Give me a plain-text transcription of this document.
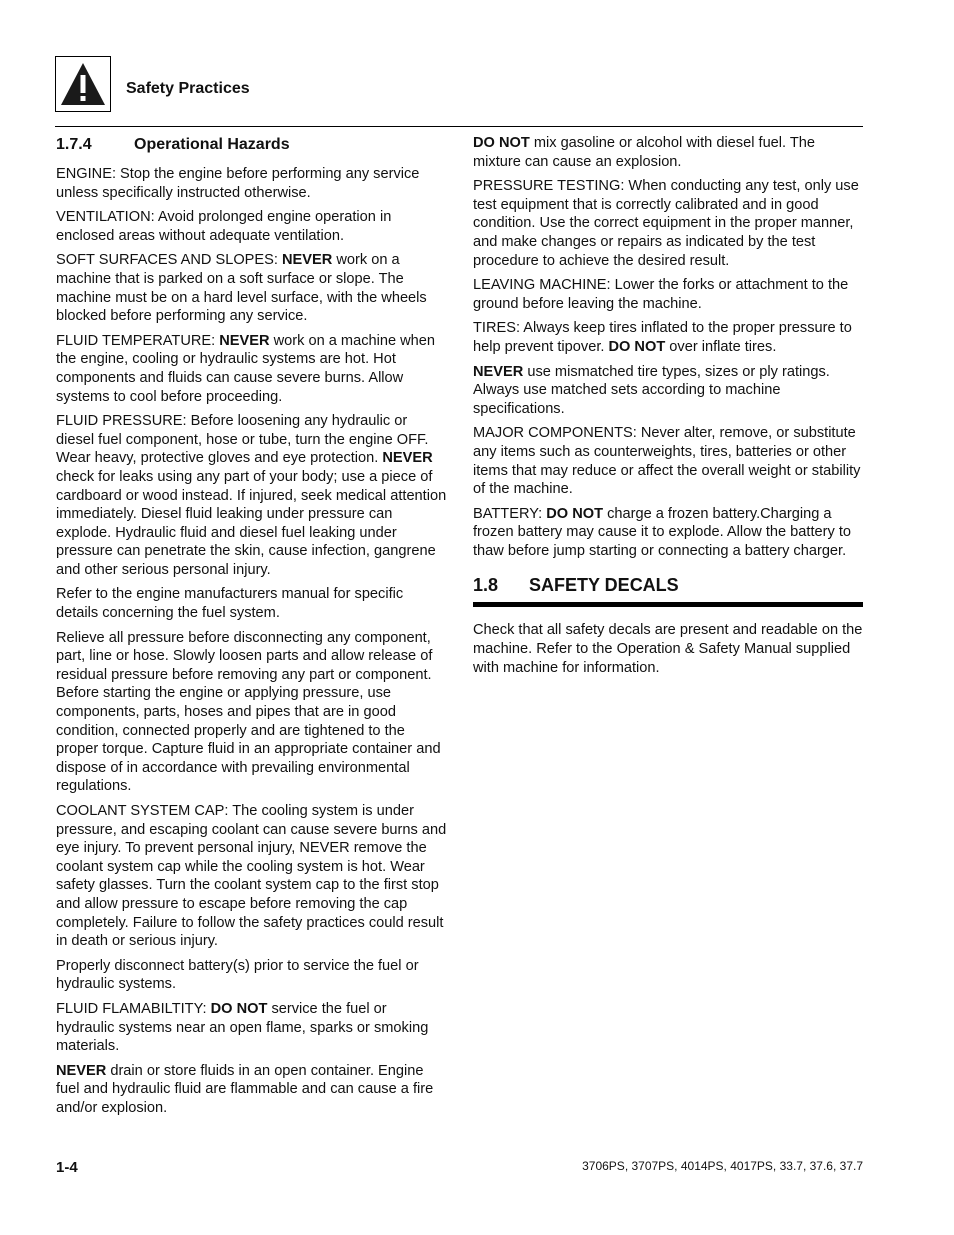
Safety Practices
1.7.4	Operational Hazards

ENGINE: Stop the engine before performing any service unless specifically instructed otherwise.

VENTILATION: Avoid prolonged engine operation in enclosed areas without adequate ventilation.

SOFT SURFACES AND SLOPES: NEVER work on a machine that is parked on a soft surface or slope. The machine must be on a hard level surface, with the wheels blocked before performing any service.

FLUID TEMPERATURE: NEVER work on a machine when the engine, cooling or hydraulic systems are hot. Hot components and fluids can cause severe burns. Allow systems to cool before proceeding.

FLUID PRESSURE: Before loosening any hydraulic or diesel fuel component, hose or tube, turn the engine OFF. Wear heavy, protective gloves and eye protection. NEVER check for leaks using any part of your body; use a piece of cardboard or wood instead. If injured, seek medical attention immediately. Diesel fluid leaking under pressure can explode. Hydraulic fluid and diesel fuel leaking under pressure can penetrate the skin, cause infection, gangrene and other serious personal injury.

Refer to the engine manufacturers manual for specific details concerning the fuel system.

Relieve all pressure before disconnecting any component, part, line or hose. Slowly loosen parts and allow release of residual pressure before removing any part or component. Before starting the engine or applying pressure, use components, parts, hoses and pipes that are in good condition, connected properly and are tightened to the proper torque. Capture fluid in an appropriate container and dispose of in accordance with prevailing environmental regulations.

COOLANT SYSTEM CAP: The cooling system is under pressure, and escaping coolant can cause severe burns and eye injury. To prevent personal injury, NEVER remove the coolant system cap while the cooling system is hot. Wear safety glasses. Turn the coolant system cap to the first stop and allow pressure to escape before removing the cap completely. Failure to follow the safety practices could result in death or serious injury.

Properly disconnect battery(s) prior to service the fuel or hydraulic systems.

FLUID FLAMABILTITY: DO NOT service the fuel or hydraulic systems near an open flame, sparks or smoking materials.

NEVER drain or store fluids in an open container. Engine fuel and hydraulic fluid are flammable and can cause a fire and/or explosion.

DO NOT mix gasoline or alcohol with diesel fuel. The mixture can cause an explosion.

PRESSURE TESTING: When conducting any test, only use test equipment that is correctly calibrated and in good condition. Use the correct equipment in the proper manner, and make changes or repairs as indicated by the test procedure to achieve the desired result.

LEAVING MACHINE: Lower the forks or attachment to the ground before leaving the machine.

TIRES: Always keep tires inflated to the proper pressure to help prevent tipover. DO NOT over inflate tires.

NEVER use mismatched tire types, sizes or ply ratings. Always use matched sets according to machine specifications.

MAJOR COMPONENTS: Never alter, remove, or substitute any items such as counterweights, tires, batteries or other items that may reduce or affect the overall weight or stability of the machine.

BATTERY: DO NOT charge a frozen battery.Charging a frozen battery may cause it to explode. Allow the battery to thaw before jump starting or connecting a battery charger.

1.8 SAFETY DECALS

Check that all safety decals are present and readable on the machine. Refer to the Operation & Safety Manual supplied with machine for information.

1-4	3706PS, 3707PS, 4014PS, 4017PS, 33.7, 37.6, 37.7
